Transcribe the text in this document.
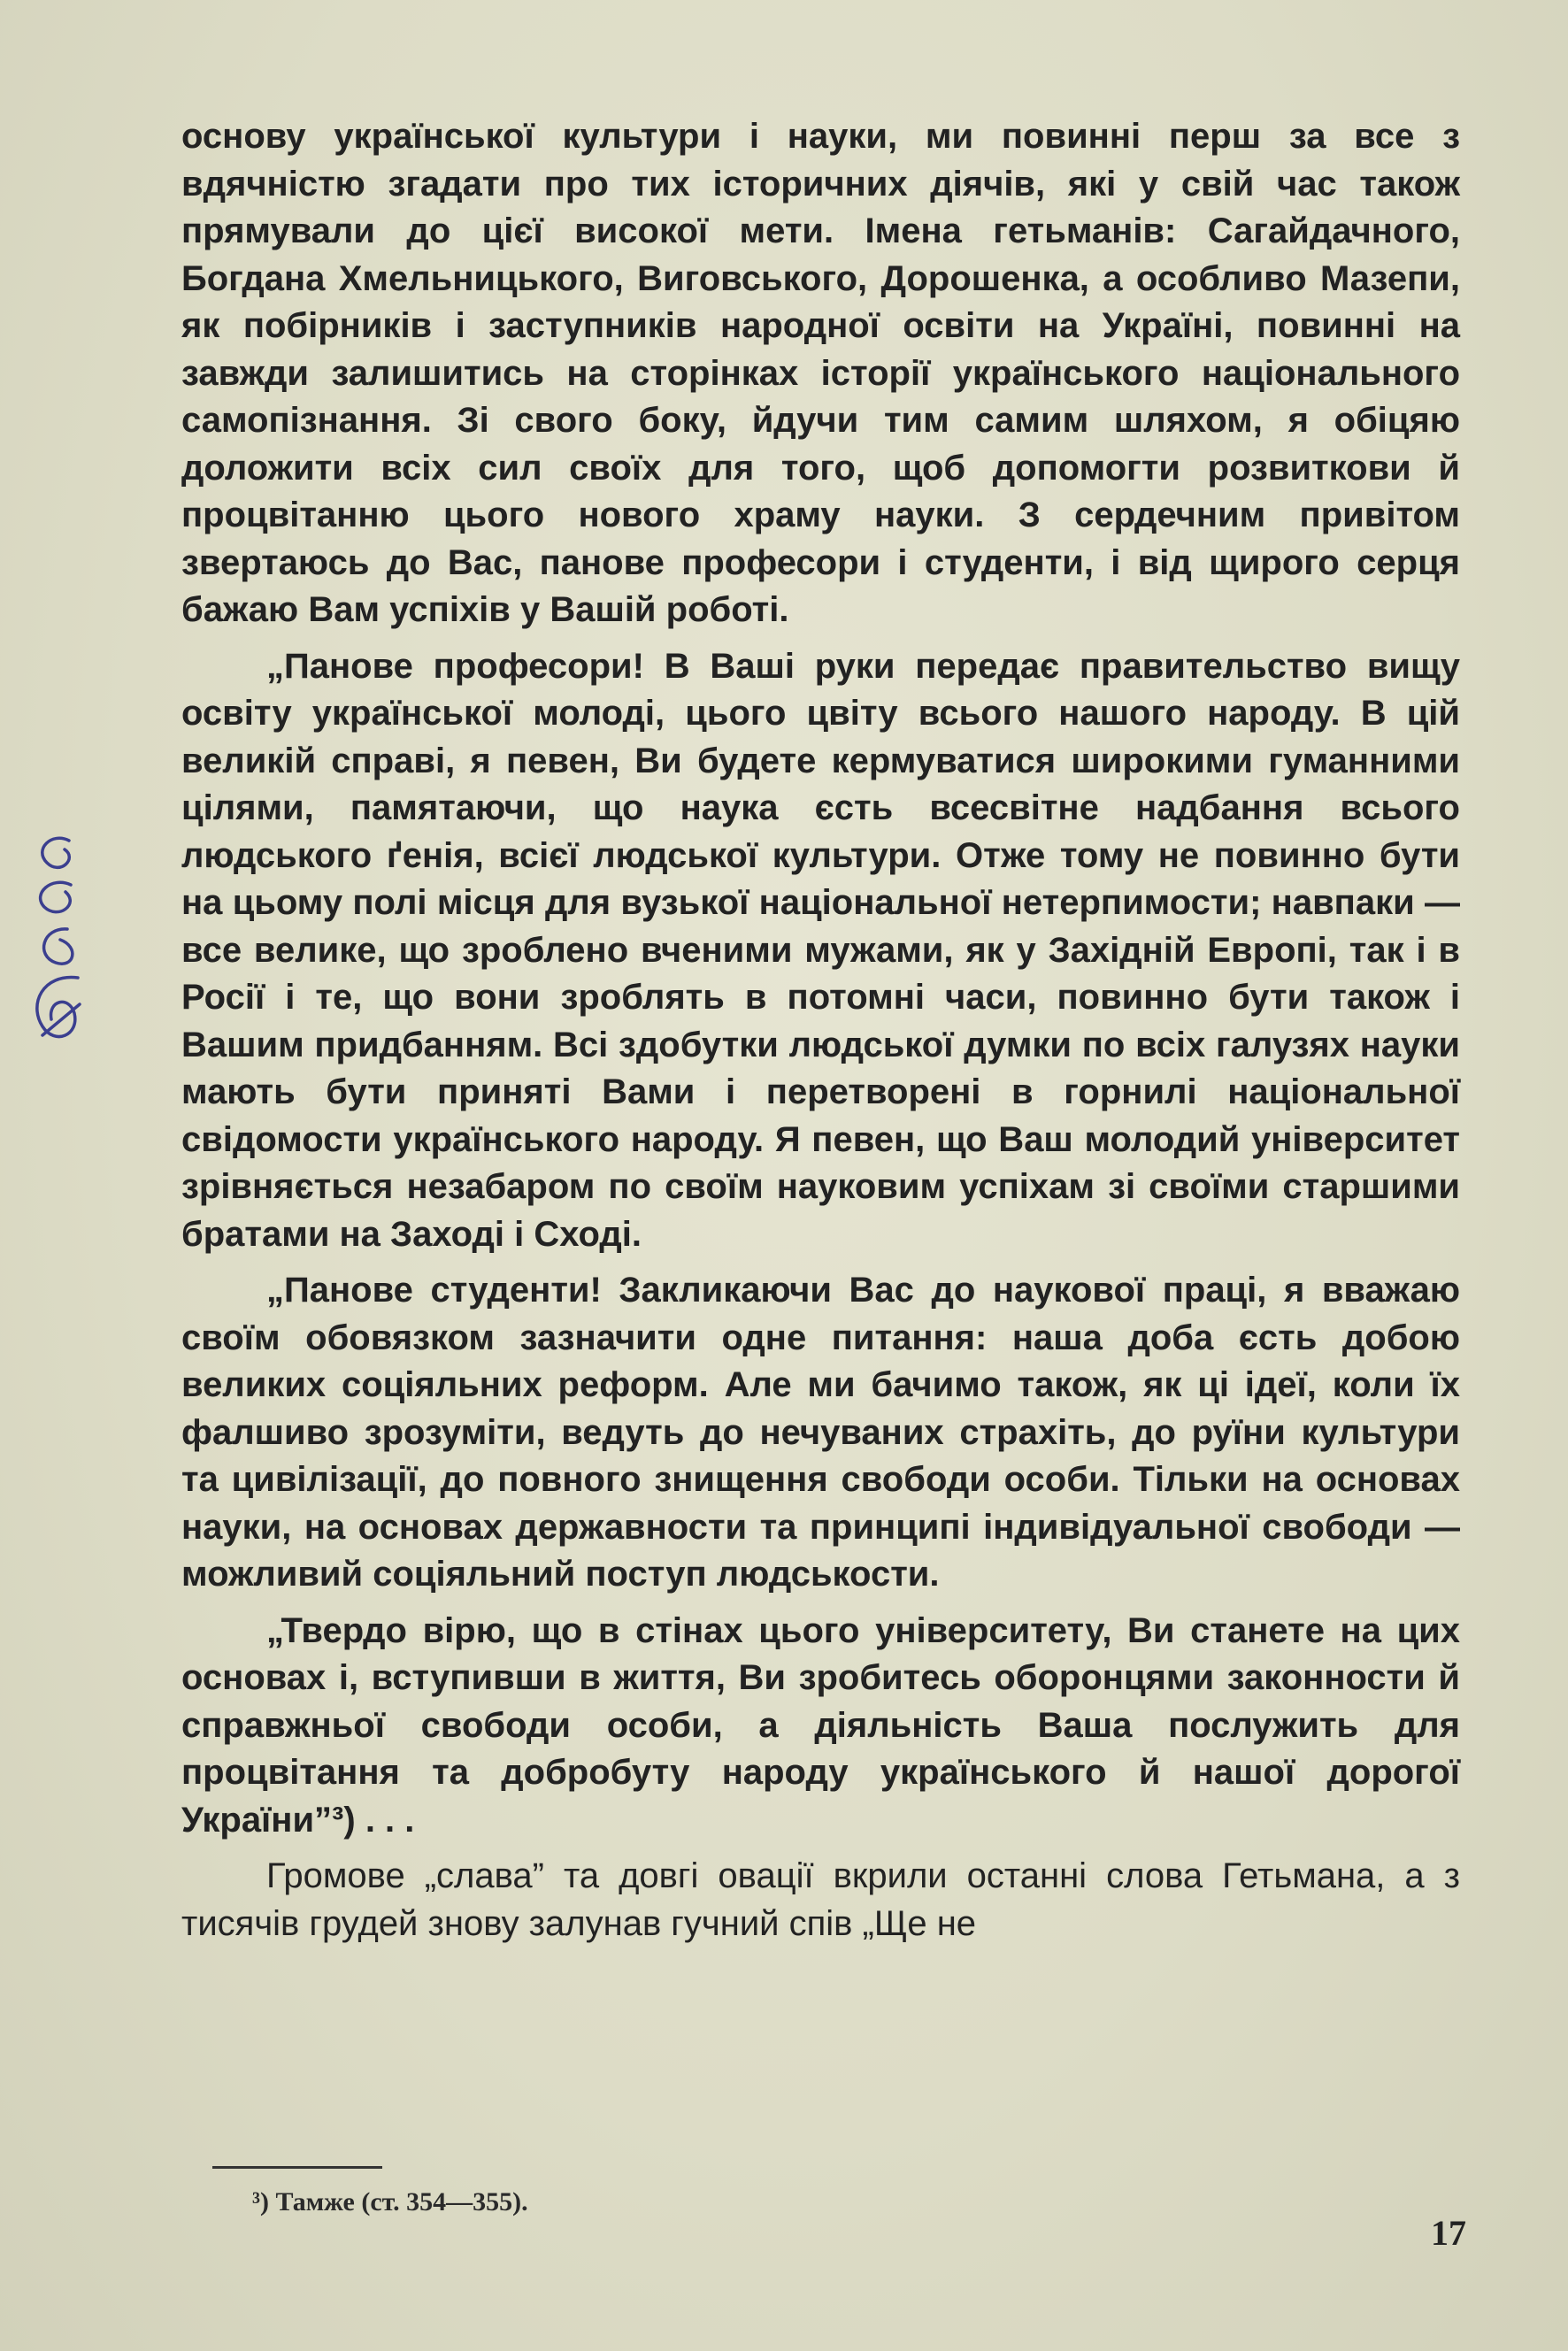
основу української культури і науки, ми повинні перш за все з вдячністю згадати про тих історичних діячів, які у свій час також прямували до цієї високої мети. Імена гетьманів: Сагайдачного, Богдана Хмельницького, Виговського, Дорошенка, а особливо Мазепи, як побірників і заступників народної освіти на Україні, повинні на завжди залишитись на сторінках історії українського національного самопізнання. Зі свого боку, йдучи тим самим шляхом, я обіцяю доложити всіх сил своїх для того, щоб допомогти розвиткови й процвітанню цього нового храму науки. З сердечним привітом звертаюсь до Вас, панове професори і студенти, і від щирого серця бажаю Вам успіхів у Вашій роботі.

„Панове професори! В Ваші руки передає правительство вищу освіту української молоді, цього цвіту всього нашого народу. В цій великій справі, я певен, Ви будете кермуватися широкими гуманними цілями, памятаючи, що наука єсть всесвітне надбання всього людського ґенія, всієї людської культури. Отже тому не повинно бути на цьому полі місця для вузької національної нетерпимости; навпаки — все велике, що зроблено вченими мужами, як у Західній Европі, так і в Росії і те, що вони зроблять в потомні часи, повинно бути також і Вашим придбанням. Всі здобутки людської думки по всіх галузях науки мають бути приняті Вами і перетворені в горнилі національної свідомости українського народу. Я певен, що Ваш молодий університет зрівняється незабаром по своїм науковим успіхам зі своїми старшими братами на Заході і Сході.

„Панове студенти! Закликаючи Вас до наукової праці, я вважаю своїм обовязком зазначити одне питання: наша доба єсть добою великих соціяльних реформ. Але ми бачимо також, як ці ідеї, коли їх фалшиво зрозуміти, ведуть до нечуваних страхіть, до руїни культури та цивілізації, до повного знищення свободи особи. Тільки на основах науки, на основах державности та принципі індивідуальної свободи — можливий соціяльний поступ людськости.

„Твердо вірю, що в стінах цього університету, Ви станете на цих основах і, вступивши в життя, Ви зробитесь оборонцями законности й справжньої свободи особи, а діяльність Ваша послужить для процвітання та добробуту народу українського й нашої дорогої України”³) . . .

Громове „слава” та довгі овації вкрили останні слова Гетьмана, а з тисячів грудей знову залунав гучний спів „Ще не

³) Тамже (ст. 354—355).
17
